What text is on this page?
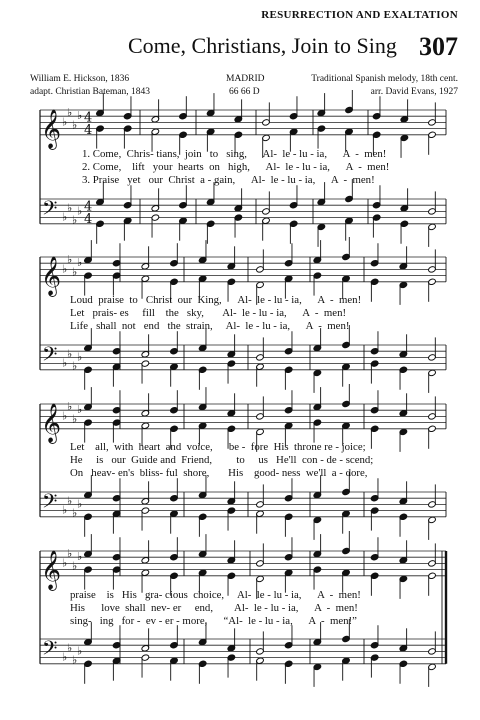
RESURRECTION AND EXALTATION
Come, Christians, Join to Sing 307
William E. Hickson, 1836
adapt. Christian Bateman, 1843
MADRID
66 66 D
Traditional Spanish melody, 18th cent.
arr. David Evans, 1927
𝄞
𝄢
♭
♭
♭
♭
♭
♭
♭
♭
4
4
4
4
𝄞
𝄢
♭
♭
♭
♭
♭
♭
♭
♭
𝄞
𝄢
♭
♭
♭
♭
♭
♭
♭
♭
𝄞
𝄢
♭
♭
♭
♭
♭
♭
♭
♭
1. Come,  Chris- tians,  join   to   sing,      Al-  le - lu - ia,      A  -  men!
2. Come,    lift   your  hearts  on   high,      Al-  le - lu - ia,      A  -  men!
3. Praise   yet   our  Christ  a - gain,      Al-  le - lu - ia,      A  -  men!
Loud  praise  to   Christ  our  King,      Al-  le - lu - ia,      A  -  men!
Let   prais- es     fill    the   sky,       Al-  le - lu - ia,      A  -  men!
Life   shall  not   end   the  strain,     Al-  le - lu - ia,      A  -  men!
Let    all,  with  heart  and  voice,      be -  fore  His  throne re - joice;
He     is   our  Guide and  Friend,         to     us   He'll  con - de - scend;
On   heav- en's  bliss- ful  shore,       His    good- ness  we'll  a - dore,
praise    is   His   gra- cious  choice,     Al-  le - lu - ia,      A  -  men!
His      love  shall  nev- er     end,        Al-  le - lu - ia,      A  -  men!
sing-   ing   for -  ev - er - more,      “Al-  le - lu - ia,      A  -  men!”
